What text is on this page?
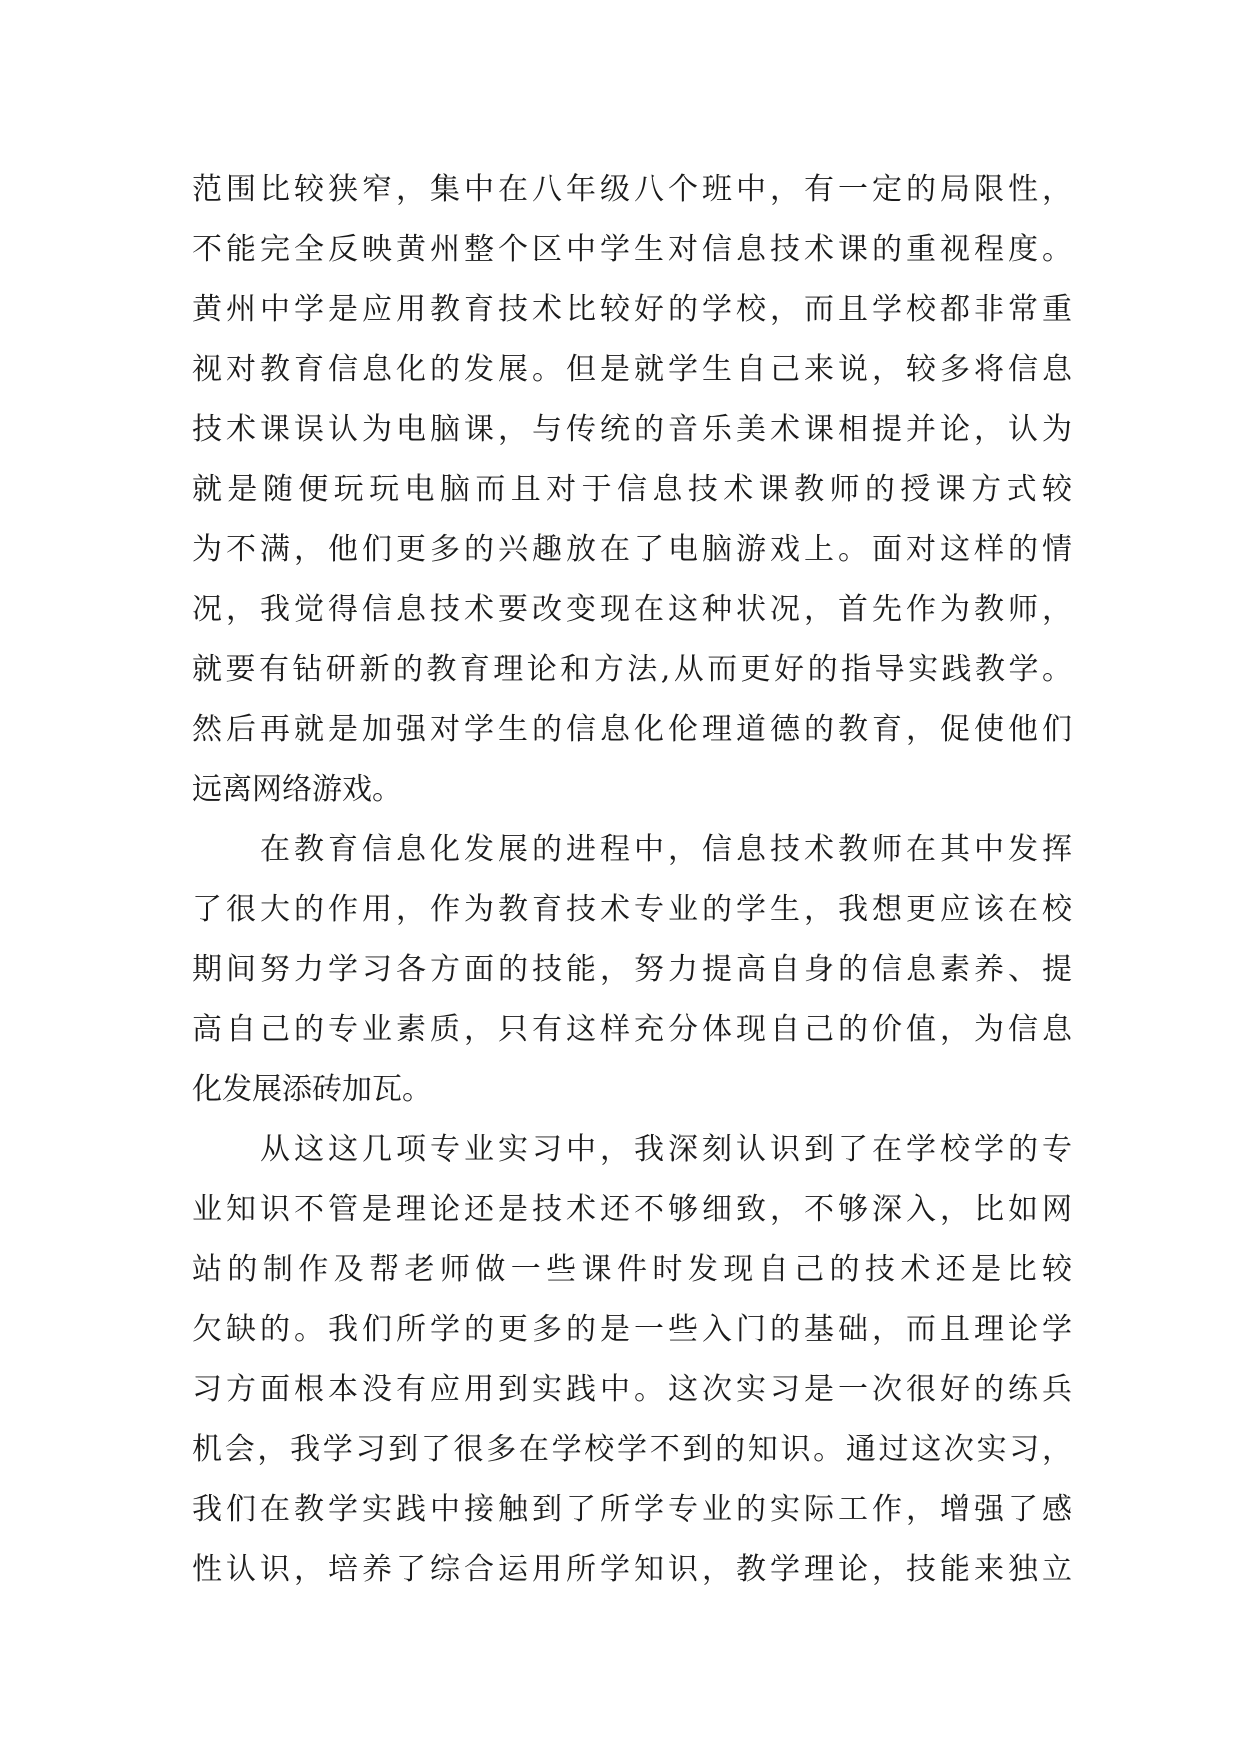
范围比较狭窄，集中在八年级八个班中，有一定的局限性，
不能完全反映黄州整个区中学生对信息技术课的重视程度。
黄州中学是应用教育技术比较好的学校，而且学校都非常重
视对教育信息化的发展。但是就学生自己来说，较多将信息
技术课误认为电脑课，与传统的音乐美术课相提并论，认为
就是随便玩玩电脑而且对于信息技术课教师的授课方式较
为不满，他们更多的兴趣放在了电脑游戏上。面对这样的情
况，我觉得信息技术要改变现在这种状况，首先作为教师，
就要有钻研新的教育理论和方法,从而更好的指导实践教学。
然后再就是加强对学生的信息化伦理道德的教育，促使他们
远离网络游戏。
在教育信息化发展的进程中，信息技术教师在其中发挥
了很大的作用，作为教育技术专业的学生，我想更应该在校
期间努力学习各方面的技能，努力提高自身的信息素养、提
高自己的专业素质，只有这样充分体现自己的价值，为信息
化发展添砖加瓦。
从这这几项专业实习中，我深刻认识到了在学校学的专
业知识不管是理论还是技术还不够细致，不够深入，比如网
站的制作及帮老师做一些课件时发现自己的技术还是比较
欠缺的。我们所学的更多的是一些入门的基础，而且理论学
习方面根本没有应用到实践中。这次实习是一次很好的练兵
机会，我学习到了很多在学校学不到的知识。通过这次实习，
我们在教学实践中接触到了所学专业的实际工作，增强了感
性认识，培养了综合运用所学知识，教学理论，技能来独立
